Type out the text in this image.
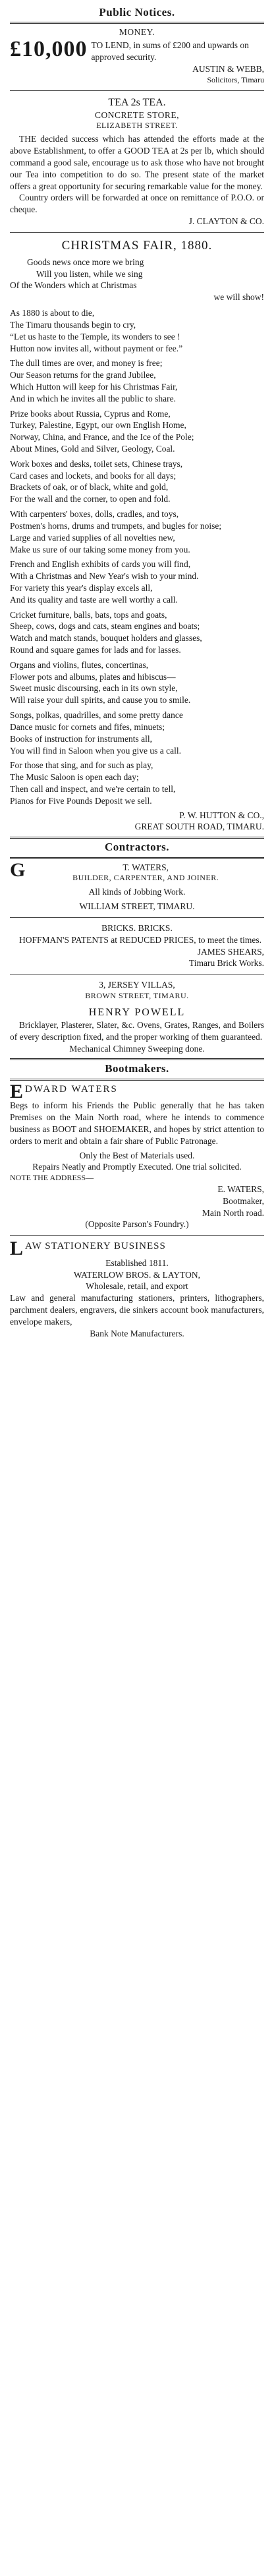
Public Notices.
MONEY.
£10,000 TO LEND, in sums of £200 and upwards on approved security.
AUSTIN & WEBB,
Solicitors, Timaru
TEA 2s TEA.
CONCRETE STORE,
ELIZABETH STREET.

THE decided success which has attended the efforts made at the above Establishment, to offer a GOOD TEA at 2s per lb, which should command a good sale, encourage us to ask those who have not brought our Tea into competition to do so. The present state of the market offers a great opportunity for securing remarkable value for the money.

Country orders will be forwarded at once on remittance of P.O.O. or cheque.

J. CLAYTON & CO.
CHRISTMAS FAIR, 1880.
Goods news once more we bring
Will you listen, while we sing
Of the Wonders which at Christmas
we will show!
As 1880 is about to die,
The Timaru thousands begin to cry,
“Let us haste to the Temple, its wonders to see !
Hutton now invites all, without payment or fee.”
The dull times are over, and money is free;
Our Season returns for the grand Jubilee,
Which Hutton will keep for his Christmas Fair,
And in which he invites all the public to share.
Prize books about Russia, Cyprus and Rome,
Turkey, Palestine, Egypt, our own English Home,
Norway, China, and France, and the Ice of the Pole;
About Mines, Gold and Silver, Geology, Coal.
Work boxes and desks, toilet sets, Chinese trays,
Card cases and lockets, and books for all days;
Brackets of oak, or of black, white and gold,
For the wall and the corner, to open and fold.
With carpenters' boxes, dolls, cradles, and toys,
Postmen's horns, drums and trumpets, and bugles for noise;
Large and varied supplies of all novelties new,
Make us sure of our taking some money from you.
French and English exhibits of cards you will find,
With a Christmas and New Year's wish to your mind.
For variety this year's display excels all,
And its quality and taste are well worthy a call.
Cricket furniture, balls, bats, tops and goats,
Sheep, cows, dogs and cats, steam engines and boats;
Watch and match stands, bouquet holders and glasses,
Round and square games for lads and for lasses.
Organs and violins, flutes, concertinas,
Flower pots and albums, plates and hibiscus—
Sweet music discoursing, each in its own style,
Will raise your dull spirits, and cause you to smile.
Songs, polkas, quadrilles, and some pretty dance
Dance music for cornets and fifes, minuets;
Books of instruction for instruments all,
You will find in Saloon when you give us a call.
For those that sing, and for such as play,
The Music Saloon is open each day;
Then call and inspect, and we're certain to tell,
Pianos for Five Pounds Deposit we sell.
P. W. HUTTON & CO.,
GREAT SOUTH ROAD, TIMARU.
Contractors.
G	T. WATERS,
BUILDER, CARPENTER, AND JOINER.
All kinds of Jobbing Work.
WILLIAM STREET, TIMARU.
BRICKS. BRICKS.

HOFFMAN'S PATENTS at REDUCED PRICES, to meet the times.

JAMES SHEARS,
Timaru Brick Works.
3, JERSEY VILLAS,
BROWN STREET, TIMARU.
HENRY POWELL

Bricklayer, Plasterer, Slater, &c. Ovens, Grates, Ranges, and Boilers of every description fixed, and the proper working of them guaranteed.

Mechanical Chimney Sweeping done.
Bootmakers.
E DWARD WATERS

Begs to inform his Friends the Public generally that he has taken Premises on the Main North road, where he intends to commence business as BOOT and SHOEMAKER, and hopes by strict attention to orders to merit and obtain a fair share of Public Patronage.

Only the Best of Materials used.
Repairs Neatly and Promptly Executed. One trial solicited.
NOTE THE ADDRESS—
E. WATERS,
Bootmaker,
Main North road.
(Opposite Parson's Foundry.)
L AW STATIONERY BUSINESS
Established 1811.
WATERLOW BROS. & LAYTON,
Wholesale, retail, and export

Law and general manufacturing stationers, printers, lithographers, parchment dealers, engravers, die sinkers account book manufacturers, envelope makers,

Bank Note Manufacturers.
